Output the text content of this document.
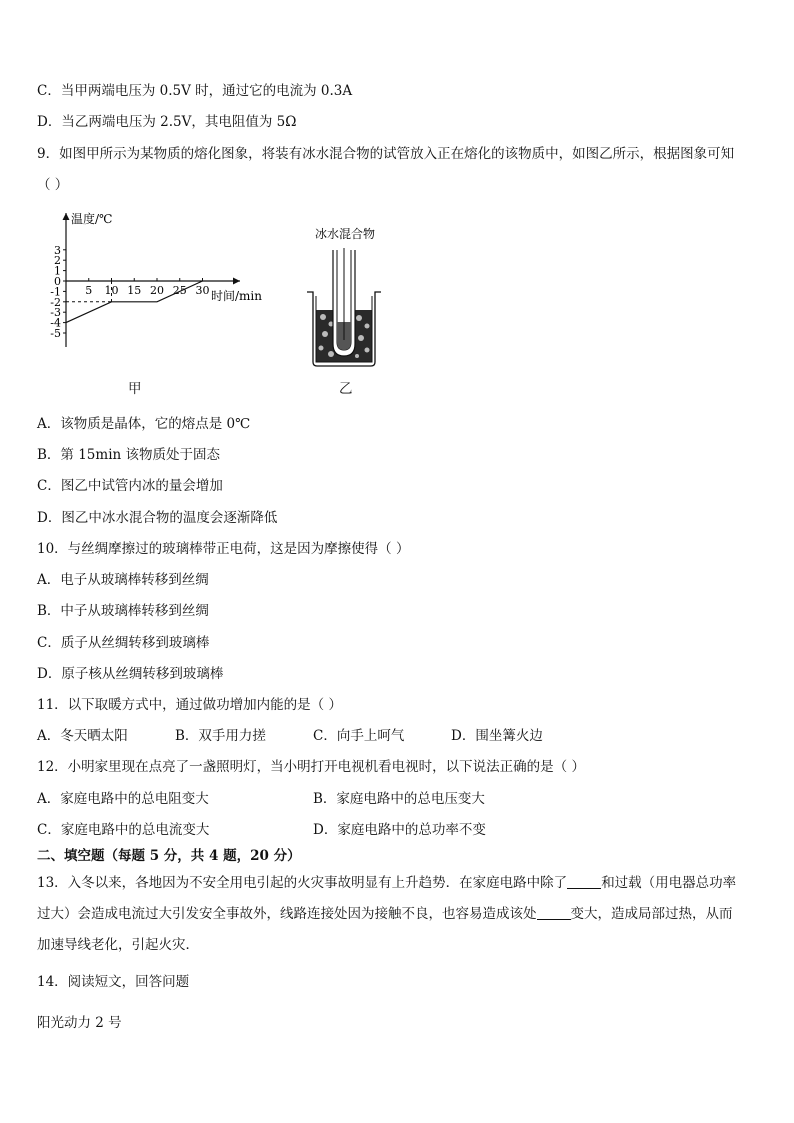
C．当甲两端电压为 0.5V 时，通过它的电流为 0.3A
D．当乙两端电压为 2.5V，其电阻值为 5Ω
9．如图甲所示为某物质的熔化图象，将装有冰水混合物的试管放入正在熔化的该物质中，如图乙所示，根据图象可知
（ ）
温度/℃
时间/min
3
2
1
0
-1
-2
-3
-4
-5
5 10 15 20 25 30
甲
冰水混合物
乙
A．该物质是晶体，它的熔点是 0℃
B．第 15min 该物质处于固态
C．图乙中试管内冰的量会增加
D．图乙中冰水混合物的温度会逐渐降低
10．与丝绸摩擦过的玻璃棒带正电荷，这是因为摩擦使得（ ）
A．电子从玻璃棒转移到丝绸
B．中子从玻璃棒转移到丝绸
C．质子从丝绸转移到玻璃棒
D．原子核从丝绸转移到玻璃棒
11．以下取暖方式中，通过做功增加内能的是（ ）
A．冬天晒太阳	B．双手用力搓	C．向手上呵气	D．围坐篝火边
12．小明家里现在点亮了一盏照明灯，当小明打开电视机看电视时，以下说法正确的是（ ）
A．家庭电路中的总电阻变大	B．家庭电路中的总电压变大
C．家庭电路中的总电流变大	D．家庭电路中的总功率不变
二、填空题（每题 5 分，共 4 题，20 分）
13．入冬以来，各地因为不安全用电引起的火灾事故明显有上升趋势．在家庭电路中除了	和过载（用电器总功率
过大）会造成电流过大引发安全事故外，线路连接处因为接触不良，也容易造成该处	变大，造成局部过热，从而
加速导线老化，引起火灾．
14．阅读短文，回答问题
阳光动力 2 号
